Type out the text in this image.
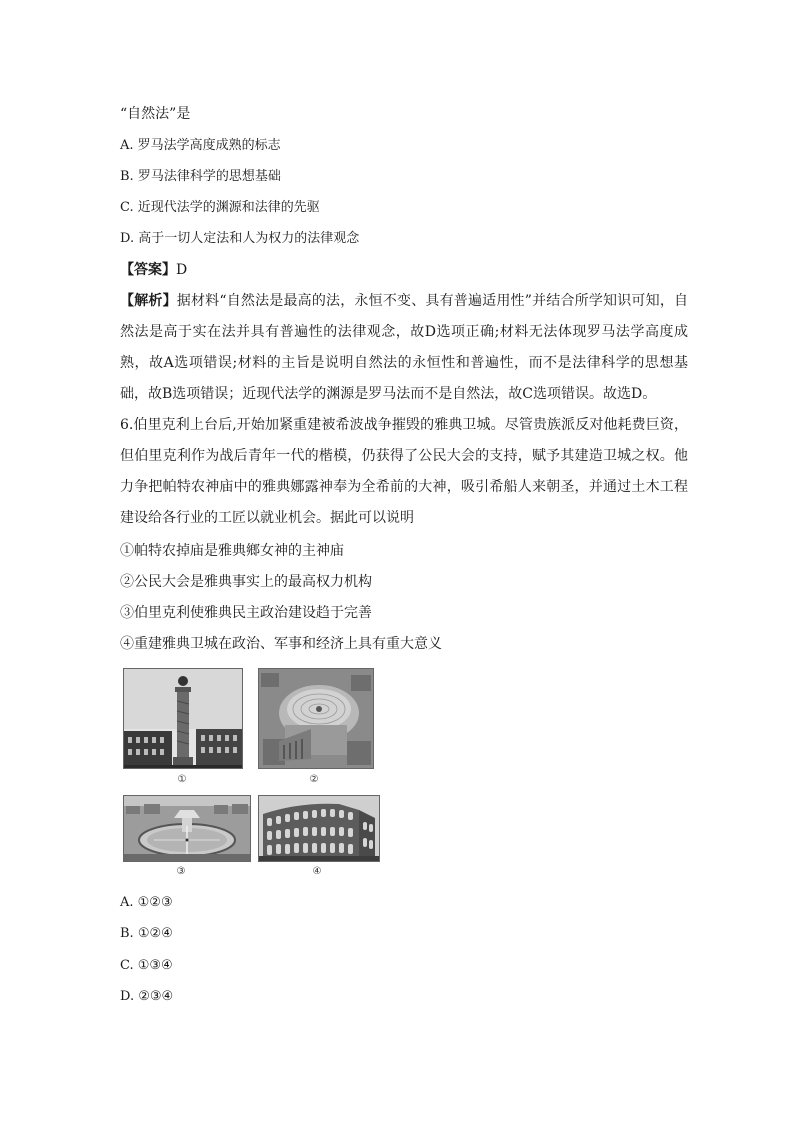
“自然法”是
A. 罗马法学高度成熟的标志
B. 罗马法律科学的思想基础
C. 近现代法学的渊源和法律的先驱
D. 高于一切人定法和人为权力的法律观念
【答案】D
【解析】据材料“自然法是最高的法，永恒不变、具有普遍适用性”并结合所学知识可知，自然法是高于实在法并具有普遍性的法律观念，故D选项正确;材料无法体现罗马法学高度成熟，故A选项错误;材料的主旨是说明自然法的永恒性和普遍性，而不是法律科学的思想基础，故B选项错误；近现代法学的渊源是罗马法而不是自然法，故C选项错误。故选D。
6.伯里克利上台后,开始加紧重建被希波战争摧毁的雅典卫城。尽管贵族派反对他耗费巨资，但伯里克利作为战后青年一代的楷模，仍获得了公民大会的支持，赋予其建造卫城之权。他力争把帕特农神庙中的雅典娜露神奉为全希前的大神，吸引希船人来朝圣，并通过土木工程建设给各行业的工匠以就业机会。据此可以说明
①帕特农掉庙是雅典鄉女神的主神庙
②公民大会是雅典事实上的最高权力机构
③伯里克利使雅典民主政治建设趋于完善
④重建雅典卫城在政治、军事和经济上具有重大意义
①	②
③	④
A. ①②③
B. ①②④
C. ①③④
D. ②③④
